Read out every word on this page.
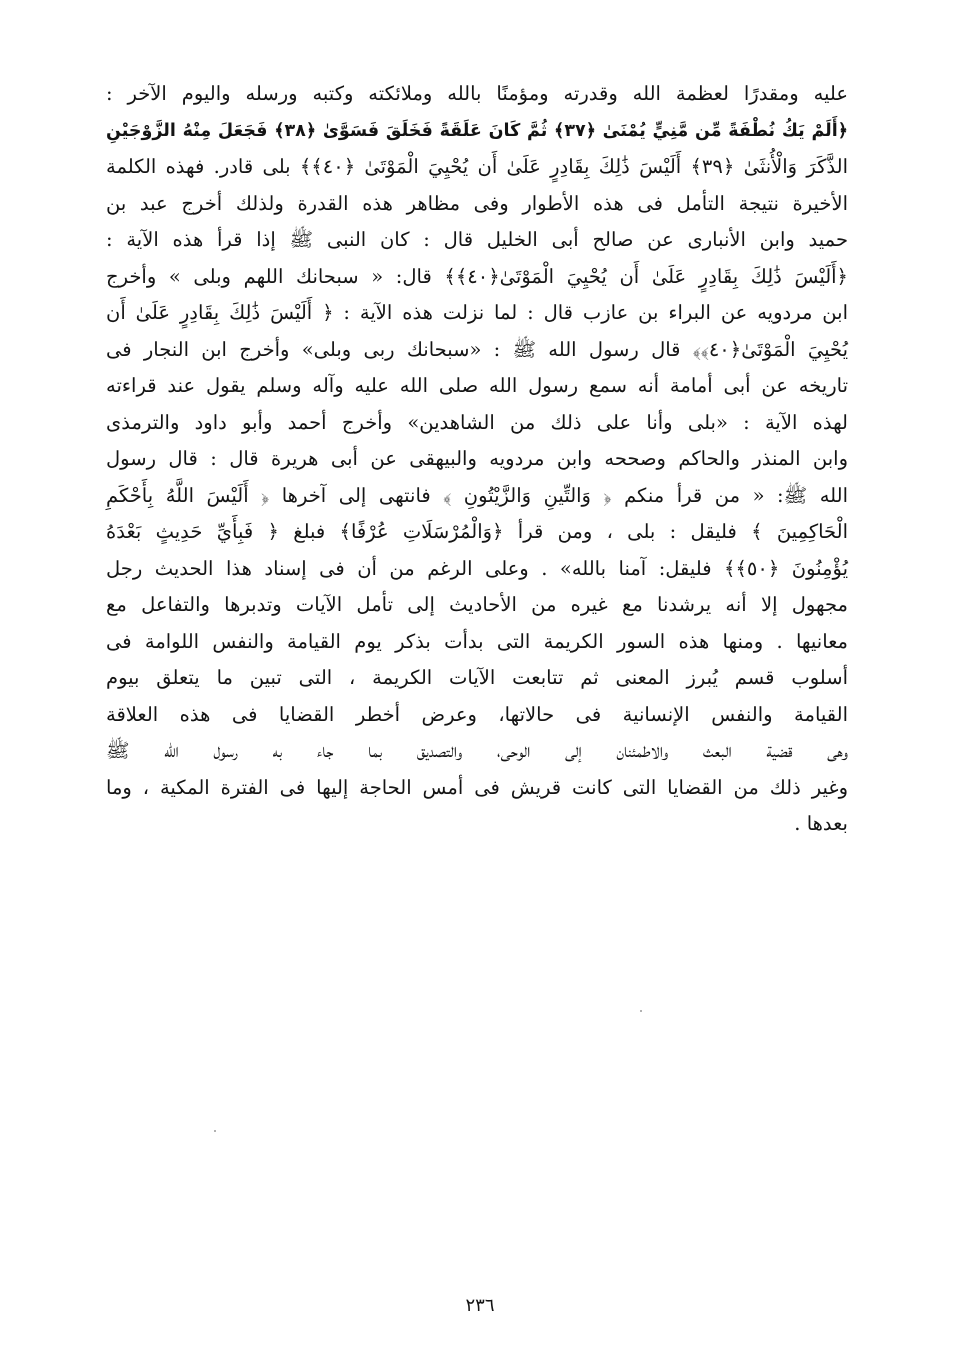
عليه ومقدرًا لعظمة الله وقدرته ومؤمنًا بالله وملائكته وكتبه ورسله واليوم الآخر :
﴿أَلَمْ يَكُ نُطْفَةً مِّن مَّنِيٍّ يُمْنَىٰ ﴿٣٧﴾ ثُمَّ كَانَ عَلَقَةً فَخَلَقَ فَسَوَّىٰ ﴿٣٨﴾ فَجَعَلَ مِنْهُ الزَّوْجَيْنِ
الذَّكَرَ وَالْأُنثَىٰ ﴿٣٩﴾ أَلَيْسَ ذَٰلِكَ بِقَادِرٍ عَلَىٰ أَن يُحْيِيَ الْمَوْتَىٰ ﴿٤٠﴾﴾ بلى قادر. فهذه الكلمة
الأخيرة نتيجة التأمل فى هذه الأطوار وفى مظاهر هذه القدرة ولذلك أخرج عبد بن
حميد وابن الأنبارى عن صالح أبى الخليل قال : كان النبى ﷺ إذا قرأ هذه الآية :
﴿أَلَيْسَ ذَٰلِكَ بِقَادِرٍ عَلَىٰ أَن يُحْيِيَ الْمَوْتَىٰ﴿٤٠﴾﴾ قال: « سبحانك اللهم وبلى » وأخرج
ابن مردويه عن البراء بن عازب قال : لما نزلت هذه الآية : ﴿ أَلَيْسَ ذَٰلِكَ بِقَادِرٍ عَلَىٰ أَن
يُحْيِيَ الْمَوْتَىٰ﴿٤٠﴾﴾ قال رسول الله ﷺ : «سبحانك ربى وبلى» وأخرج ابن النجار فى
تاريخه عن أبى أمامة أنه سمع رسول الله صلى الله عليه وآله وسلم يقول عند قراءته
لهذه الآية : «بلى وأنا على ذلك من الشاهدين» وأخرج أحمد وأبو داود والترمذى
وابن المنذر والحاكم وصححه وابن مردويه والبيهقى عن أبى هريرة قال : قال رسول
الله ﷺ: « من قرأ منكم ﴿ وَالتِّينِ وَالزَّيْتُونِ ﴾ فانتهى إلى آخرها ﴿ أَلَيْسَ اللَّهُ بِأَحْكَمِ
الْحَاكِمِينَ ﴾ فليقل : بلى ، ومن قرأ ﴿وَالْمُرْسَلَاتِ عُرْفًا﴾ فبلغ ﴿ فَبِأَيِّ حَدِيثٍ بَعْدَهُ
يُؤْمِنُونَ ﴿٥٠﴾﴾ فليقل: آمنا بالله» . وعلى الرغم من أن فى إسناد هذا الحديث رجل
مجهول إلا أنه يرشدنا مع غيره من الأحاديث إلى تأمل الآيات وتدبرها والتفاعل مع
معانيها . ومنها هذه السور الكريمة التى بدأت بذكر يوم القيامة والنفس اللوامة فى
أسلوب قسم يُبرز المعنى ثم تتابعت الآيات الكريمة ، التى تبين ما يتعلق بيوم
القيامة والنفس الإنسانية فى حالاتها، وعرض أخطر القضايا فى هذه العلاقة
وهى قضية البعث والاطمئنان إلى الوحى، والتصديق بما جاء به رسول الله ﷺ
وغير ذلك من القضايا التى كانت قريش فى أمس الحاجة إليها فى الفترة المكية ، وما
بعدها .
٢٣٦
